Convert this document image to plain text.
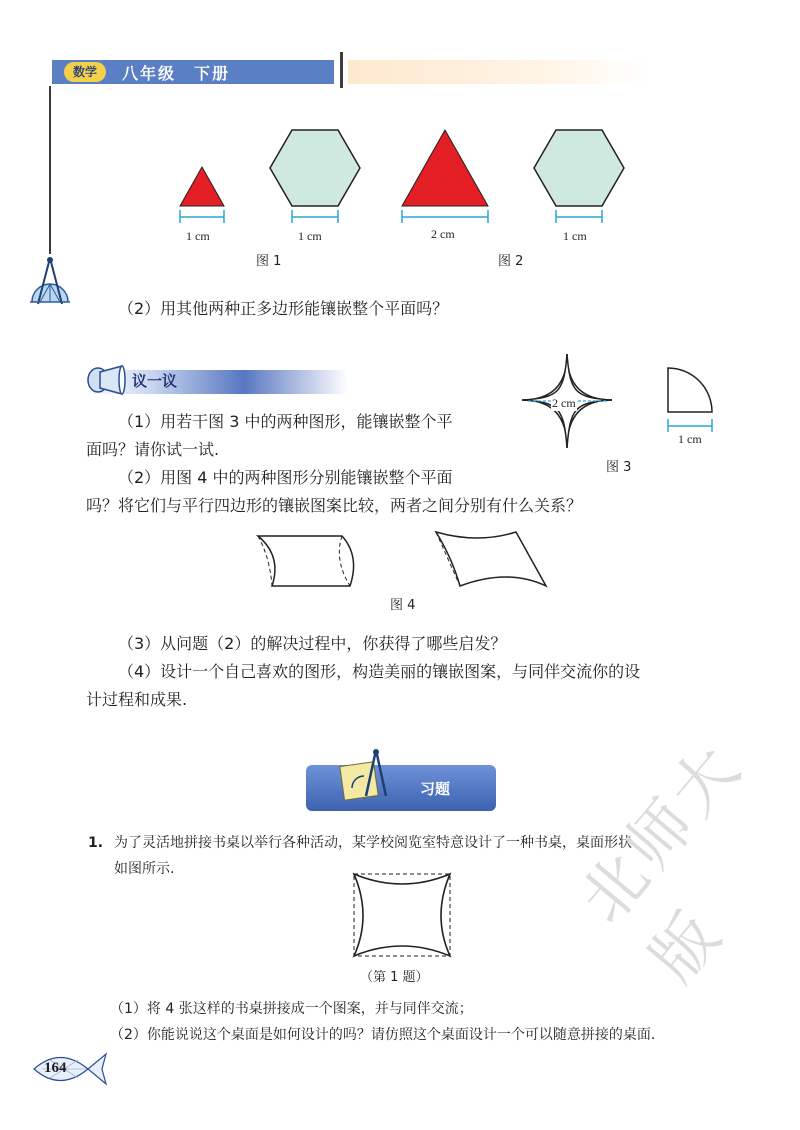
数学	八年级　下册
1 cm	1 cm	2 cm	1 cm
图 1	图 2
（2）用其他两种正多边形能镶嵌整个平面吗？
议一议
（1）用若干图 3 中的两种图形，能镶嵌整个平
面吗？请你试一试.
（2）用图 4 中的两种图形分别能镶嵌整个平面
吗？将它们与平行四边形的镶嵌图案比较，两者之间分别有什么关系？
2 cm
1 cm
图 3
图 4
（3）从问题（2）的解决过程中，你获得了哪些启发？
（4）设计一个自己喜欢的图形，构造美丽的镶嵌图案，与同伴交流你的设
计过程和成果.
习题
1. 为了灵活地拼接书桌以举行各种活动，某学校阅览室特意设计了一种书桌，桌面形状
如图所示.
（第 1 题）
（1）将 4 张这样的书桌拼接成一个图案，并与同伴交流；
（2）你能说说这个桌面是如何设计的吗？请仿照这个桌面设计一个可以随意拼接的桌面.
164
北师大版
